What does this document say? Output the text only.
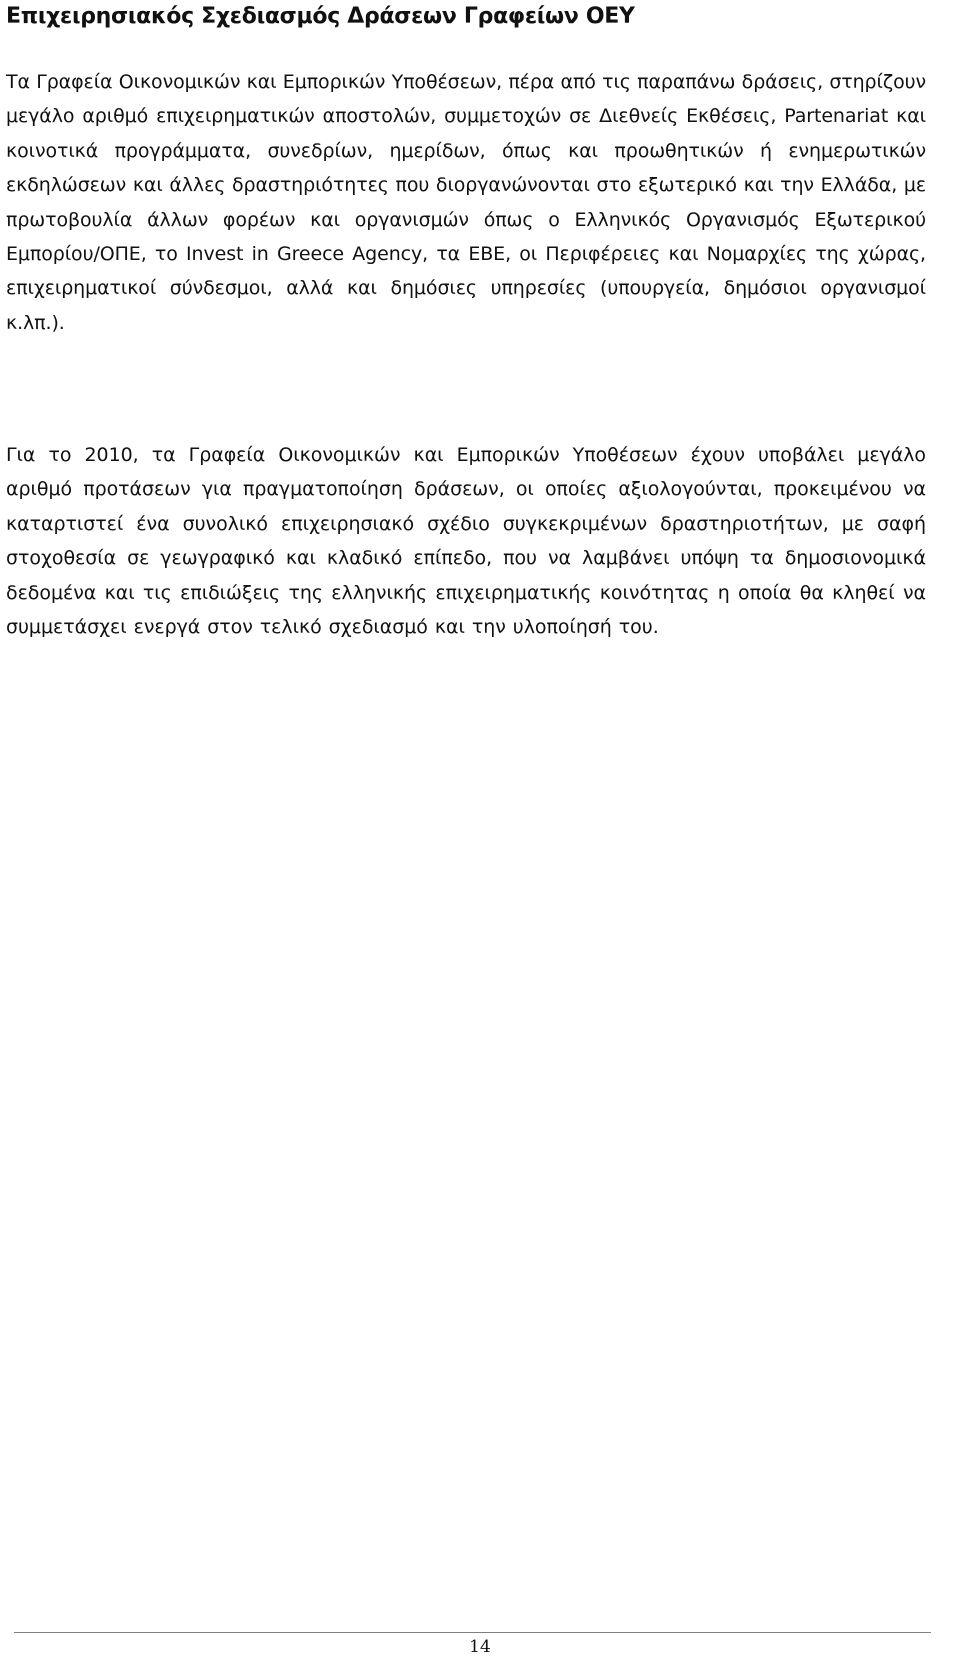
Επιχειρησιακός Σχεδιασμός Δράσεων Γραφείων ΟΕΥ

Τα Γραφεία Οικονομικών και Εμπορικών Υποθέσεων, πέρα από τις παραπάνω δράσεις, στηρίζουν μεγάλο αριθμό επιχειρηματικών αποστολών, συμμετοχών σε Διεθνείς Εκθέσεις, Partenariat και κοινοτικά προγράμματα, συνεδρίων, ημερίδων, όπως και προωθητικών ή ενημερωτικών εκδηλώσεων και άλλες δραστηριότητες που διοργανώνονται στο εξωτερικό και την Ελλάδα, με πρωτοβουλία άλλων φορέων και οργανισμών όπως ο Ελληνικός Οργανισμός Εξωτερικού Εμπορίου/ΟΠΕ, το Invest in Greece Agency, τα ΕΒΕ, οι Περιφέρειες και Νομαρχίες της χώρας, επιχειρηματικοί σύνδεσμοι, αλλά και δημόσιες υπηρεσίες (υπουργεία, δημόσιοι οργανισμοί κ.λπ.).

Για το 2010, τα Γραφεία Οικονομικών και Εμπορικών Υποθέσεων έχουν υποβάλει μεγάλο αριθμό προτάσεων για πραγματοποίηση δράσεων, οι οποίες αξιολογούνται, προκειμένου να καταρτιστεί ένα συνολικό επιχειρησιακό σχέδιο συγκεκριμένων δραστηριοτήτων, με σαφή στοχοθεσία σε γεωγραφικό και κλαδικό επίπεδο, που να λαμβάνει υπόψη τα δημοσιονομικά δεδομένα και τις επιδιώξεις της ελληνικής επιχειρηματικής κοινότητας η οποία θα κληθεί να συμμετάσχει ενεργά στον τελικό σχεδιασμό και την υλοποίησή του.

14
